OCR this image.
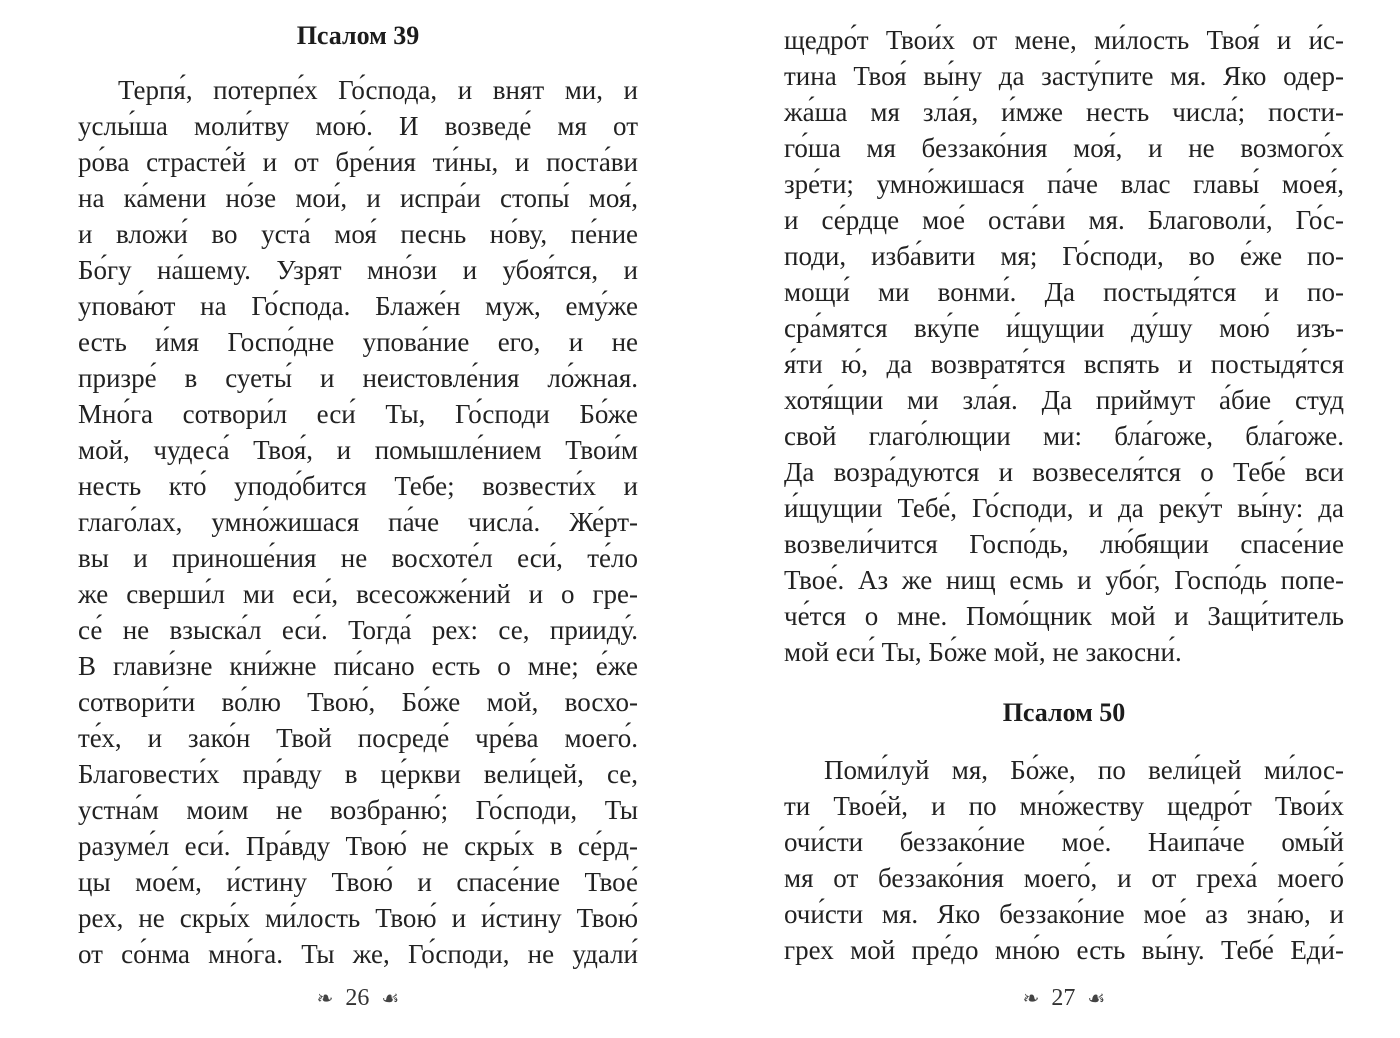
Псалом 39
Терпя́, потерпе́х Го́спода, и внят ми, и
услы́ша моли́тву мою́. И возведе́ мя от
ро́ва страсте́й и от бре́ния ти́ны, и поста́ви
на ка́мени но́зе мои́, и испра́и стопы́ моя́,
и вложи́ во уста́ моя́ песнь но́ву, пе́ние
Бо́гу на́шему. Узрят мно́зи и убоя́тся, и
упова́ют на Го́спода. Блаже́н муж, ему́же
есть и́мя Госпо́дне упова́ние его, и не
призре́ в суеты́ и неистовле́ния ло́жная.
Мно́га сотвори́л еси́ Ты, Го́споди Бо́же
мой, чудеса́ Твоя́, и помышле́нием Твои́м
несть кто́ уподо́бится Тебе; возвести́х и
глаго́лах, умно́жишася па́че числа́. Же́рт-
вы и приноше́ния не восхоте́л еси́, те́ло
же сверши́л ми еси́, всесожже́ний и о гре-
се́ не взыска́л еси́. Тогда́ рех: се, прииду́.
В глави́зне кни́жне пи́сано есть о мне; е́же
сотвори́ти во́лю Твою́, Бо́же мой, восхо-
те́х, и зако́н Твой посреде́ чре́ва моего́.
Благовести́х пра́вду в це́ркви вели́цей, се,
устна́м моим не возбраню́; Го́споди, Ты
разуме́л еси́. Пра́вду Твою́ не скры́х в се́рд-
цы мое́м, и́стину Твою́ и спасе́ние Твое́
рех, не скры́х ми́лость Твою́ и и́стину Твою́
от со́нма мно́га. Ты же, Го́споди, не удали́
❧ 26 ☙
щедро́т Твои́х от мене, ми́лость Твоя́ и и́с-
тина Твоя́ вы́ну да засту́пите мя. Яко одер-
жа́ша мя зла́я, и́мже несть числа́; пости-
го́ша мя беззако́ния моя́, и не возмого́х
зре́ти; умно́жишася па́че влас главы́ моея́,
и се́рдце мое́ оста́ви мя. Благоволи́, Го́с-
поди, изба́вити мя; Го́споди, во е́же по-
мощи́ ми вонми́. Да постыдя́тся и по-
сра́мятся вку́пе и́щущии ду́шу мою́ изъ-
я́ти ю́, да возвратя́тся вспять и постыдя́тся
хотя́щии ми зла́я. Да приймут а́бие студ
свой глаго́лющии ми: бла́гоже, бла́гоже.
Да возра́дуются и возвеселя́тся о Тебе́ вси
и́щущии Тебе́, Го́споди, и да реку́т вы́ну: да
возвели́чится Госпо́дь, лю́бящии спасе́ние
Твое́. Аз же нищ есмь и убо́г, Госпо́дь попе-
че́тся о мне. Помо́щник мой и Защи́титель
мой еси́ Ты, Бо́же мой, не закосни́.
Псалом 50
Поми́луй мя, Бо́же, по вели́цей ми́лос-
ти Твое́й, и по мно́жеству щедро́т Твои́х
очи́сти беззако́ние мое́. Наипа́че омы́й
мя от беззако́ния моего́, и от греха́ моего́
очи́сти мя. Яко беззако́ние мое́ аз зна́ю, и
грех мой пре́до мно́ю есть вы́ну. Тебе́ Еди́-
❧ 27 ☙
